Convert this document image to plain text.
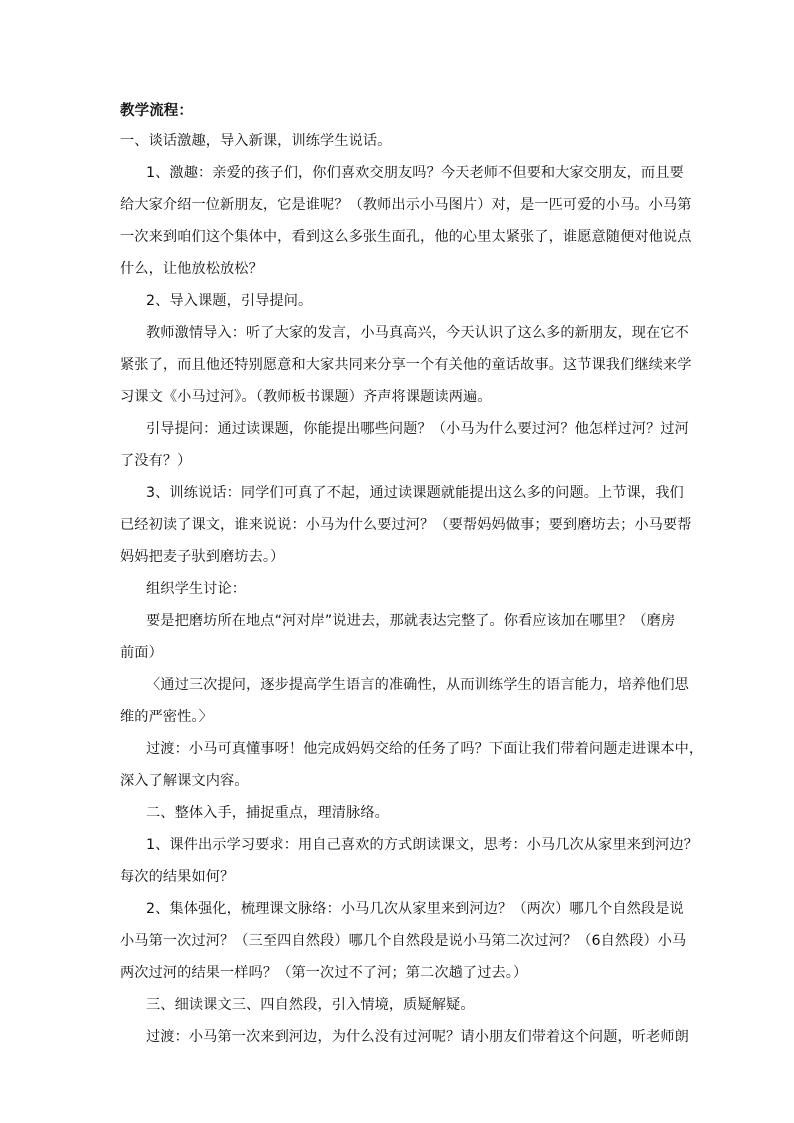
教学流程：
一、谈话激趣，导入新课，训练学生说话。
1、激趣：亲爱的孩子们，你们喜欢交朋友吗？今天老师不但要和大家交朋友，而且要
给大家介绍一位新朋友，它是谁呢？（教师出示小马图片）对，是一匹可爱的小马。小马第
一次来到咱们这个集体中，看到这么多张生面孔，他的心里太紧张了，谁愿意随便对他说点
什么，让他放松放松？
2、导入课题，引导提问。
教师激情导入：听了大家的发言，小马真高兴，今天认识了这么多的新朋友，现在它不
紧张了，而且他还特别愿意和大家共同来分享一个有关他的童话故事。这节课我们继续来学
习课文《小马过河》。（教师板书课题）齐声将课题读两遍。
引导提问：通过读课题，你能提出哪些问题？（小马为什么要过河？他怎样过河？过河
了没有？）
3、训练说话：同学们可真了不起，通过读课题就能提出这么多的问题。上节课，我们
已经初读了课文，谁来说说：小马为什么要过河？（要帮妈妈做事；要到磨坊去；小马要帮
妈妈把麦子驮到磨坊去。）
组织学生讨论：
要是把磨坊所在地点“河对岸”说进去，那就表达完整了。你看应该加在哪里？（磨房
前面）
〈通过三次提问，逐步提高学生语言的准确性，从而训练学生的语言能力，培养他们思
维的严密性。〉
过渡：小马可真懂事呀！他完成妈妈交给的任务了吗？下面让我们带着问题走进课本中，
深入了解课文内容。
二、整体入手，捕捉重点，理清脉络。
1、课件出示学习要求：用自己喜欢的方式朗读课文，思考：小马几次从家里来到河边？
每次的结果如何？
2、集体强化，梳理课文脉络：小马几次从家里来到河边？（两次）哪几个自然段是说
小马第一次过河？（三至四自然段）哪几个自然段是说小马第二次过河？（6自然段）小马
两次过河的结果一样吗？（第一次过不了河；第二次趟了过去。）
三、细读课文三、四自然段，引入情境，质疑解疑。
过渡：小马第一次来到河边，为什么没有过河呢？请小朋友们带着这个问题，听老师朗
